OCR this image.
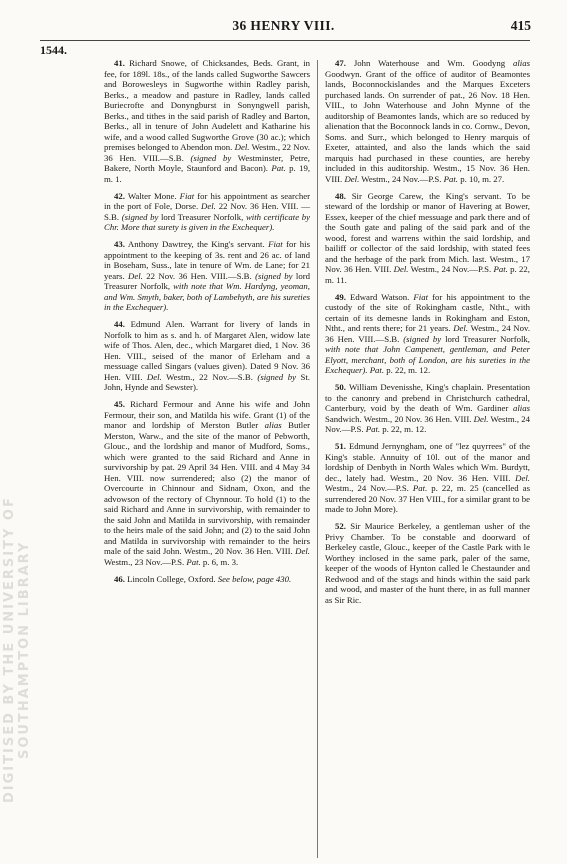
36 HENRY VIII.	415
1544.

41. Richard Snowe, of Chicksandes, Beds. Grant, in fee, for 189l. 18s., of the lands called Sugworthe Sawcers and Borowesleys in Sugworthe within Radley parish, Berks., a meadow and pasture in Radley, lands called Buriecrofte and Donyngburst in Sonyngwell parish, Berks., and tithes in the said parish of Radley and Barton, Berks., all in tenure of John Audelett and Katharine his wife, and a wood called Sugworthe Grove (30 ac.); which premises belonged to Abendon mon. Del. Westm., 22 Nov. 36 Hen. VIII.—S.B. (signed by Westminster, Petre, Bakere, North Moyle, Staunford and Bacon). Pat. p. 19, m. 1.

42. Walter Mone. Fiat for his appointment as searcher in the port of Fole, Dorse. Del. 22 Nov. 36 Hen. VIII. —S.B. (signed by lord Treasurer Norfolk, with certificate by Chr. More that surety is given in the Exchequer).

43. Anthony Dawtrey, the King's servant. Fiat for his appointment to the keeping of 3s. rent and 26 ac. of land in Boseham, Suss., late in tenure of Wm. de Lane; for 21 years. Del. 22 Nov. 36 Hen. VIII.—S.B. (signed by lord Treasurer Norfolk, with note that Wm. Hardyng, yeoman, and Wm. Smyth, baker, both of Lambehyth, are his sureties in the Exchequer).

44. Edmund Alen. Warrant for livery of lands in Norfolk to him as s. and h. of Margaret Alen, widow late wife of Thos. Alen, dec., which Margaret died, 1 Nov. 36 Hen. VIII., seised of the manor of Erleham and a messuage called Singars (values given). Dated 9 Nov. 36 Hen. VIII. Del. Westm., 22 Nov.—S.B. (signed by St. John, Hynde and Sewster).

45. Richard Fermour and Anne his wife and John Fermour, their son, and Matilda his wife. Grant (1) of the manor and lordship of Merston Butler alias Butler Merston, Warw., and the site of the manor of Pebworth, Glouc., and the lordship and manor of Mudford, Soms., which were granted to the said Richard and Anne in survivorship by pat. 29 April 34 Hen. VIII. and 4 May 34 Hen. VIII. now surrendered; also (2) the manor of Overcourte in Chinnour and Sidnam, Oxon, and the advowson of the rectory of Chynnour. To hold (1) to the said Richard and Anne in survivorship, with remainder to the said John and Matilda in survivorship, with remainder to the heirs male of the said John; and (2) to the said John and Matilda in survivorship with remainder to the heirs male of the said John. Westm., 20 Nov. 36 Hen. VIII. Del. Westm., 23 Nov.—P.S. Pat. p. 6, m. 3.

46. Lincoln College, Oxford. See below, page 430.

47. John Waterhouse and Wm. Goodyng alias Goodwyn. Grant of the office of auditor of Beamontes lands, Boconnockislandes and the Marques Exceters purchased lands. On surrender of pat., 26 Nov. 18 Hen. VIII., to John Waterhouse and John Mynne of the auditorship of Beamontes lands, which are so reduced by alienation that the Boconnock lands in co. Cornw., Devon, Soms. and Surr., which belonged to Henry marquis of Exeter, attainted, and also the lands which the said marquis had purchased in these counties, are hereby included in this auditorship. Westm., 15 Nov. 36 Hen. VIII. Del. Westm., 24 Nov.—P.S. Pat. p. 10, m. 27.

48. Sir George Carew, the King's servant. To be steward of the lordship or manor of Havering at Bower, Essex, keeper of the chief messuage and park there and of the South gate and paling of the said park and of the wood, forest and warrens within the said lordship, and bailiff or collector of the said lordship, with stated fees and the herbage of the park from Mich. last. Westm., 17 Nov. 36 Hen. VIII. Del. Westm., 24 Nov.—P.S. Pat. p. 22, m. 11.

49. Edward Watson. Fiat for his appointment to the custody of the site of Rokingham castle, Ntht., with certain of its demesne lands in Rokingham and Eston, Ntht., and rents there; for 21 years. Del. Westm., 24 Nov. 36 Hen. VIII.—S.B. (signed by lord Treasurer Norfolk, with note that John Campenett, gentleman, and Peter Elyott, merchant, both of London, are his sureties in the Exchequer). Pat. p. 22, m. 12.

50. William Devenisshe, King's chaplain. Presentation to the canonry and prebend in Christchurch cathedral, Canterbury, void by the death of Wm. Gardiner alias Sandwich. Westm., 20 Nov. 36 Hen. VIII. Del. Westm., 24 Nov.—P.S. Pat. p. 22, m. 12.

51. Edmund Jernyngham, one of "lez quyrrees" of the King's stable. Annuity of 10l. out of the manor and lordship of Denbyth in North Wales which Wm. Burdytt, dec., lately had. Westm., 20 Nov. 36 Hen. VIII. Del. Westm., 24 Nov.—P.S. Pat. p. 22, m. 25 (cancelled as surrendered 20 Nov. 37 Hen VIII., for a similar grant to be made to John More).

52. Sir Maurice Berkeley, a gentleman usher of the Privy Chamber. To be constable and doorward of Berkeley castle, Glouc., keeper of the Castle Park with le Worthey inclosed in the same park, paler of the same, keeper of the woods of Hynton called le Chestaunder and Redwood and of the stags and hinds within the said park and wood, and master of the hunt there, in as full manner as Sir Ric.

DIGITISED BY THE UNIVERSITY OF SOUTHAMPTON LIBRARY
